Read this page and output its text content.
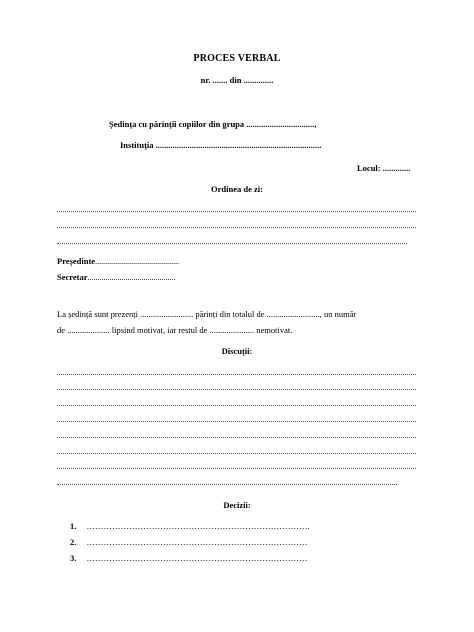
PROCES VERBAL
nr. ....... din ..............
Ședința cu părinții copiilor din grupa ................................,
Instituția ..............................................................................
Locul: .............
Ordinea de zi:
Președinte..........................................
Secretar............................................
La ședință sunt prezenți ......................... părinți din totalul de ........................., un număr
de .................... lipsind motivat, iar restul de ..................... nemotivat.
Discuții:
Decizii:
1. …………………………………………………………………….
2. ……………………………………………………………………
3. ……………………………………………………………………
